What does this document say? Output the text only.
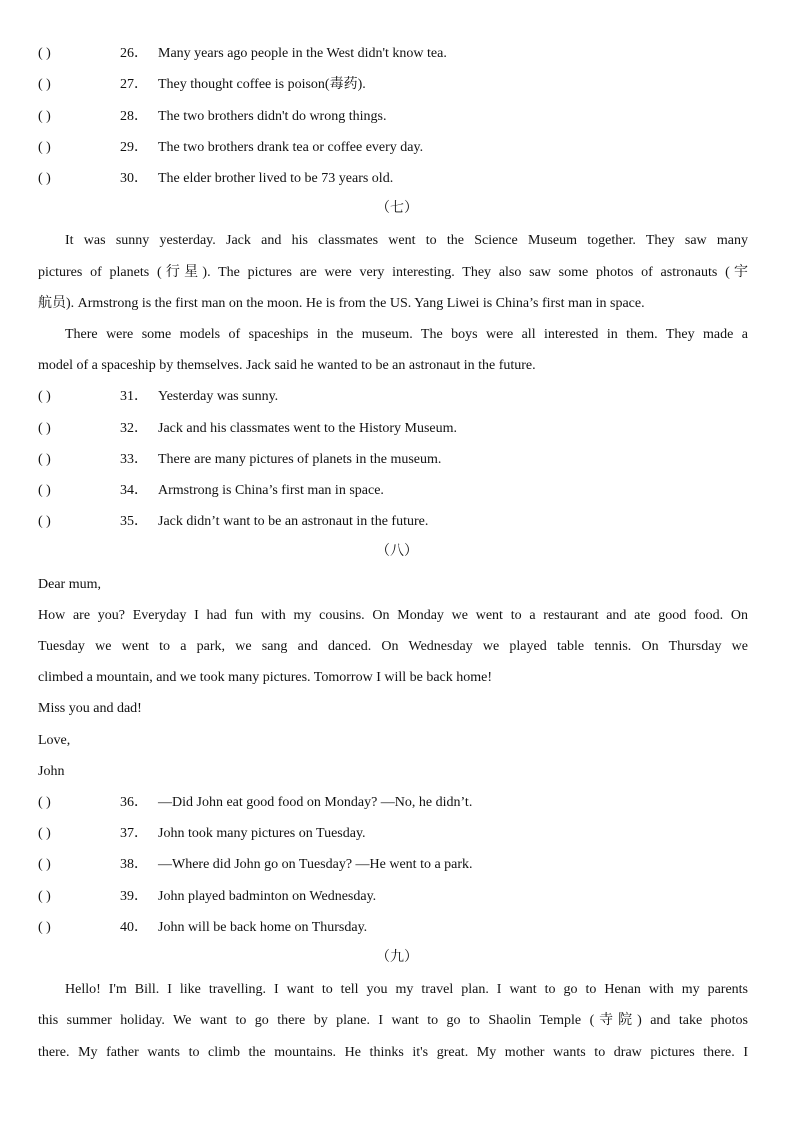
( )	26． Many years ago people in the West didn't know tea.
( )	27． They thought coffee is poison(毒药).
( )	28． The two brothers didn't do wrong things.
( )	29． The two brothers drank tea or coffee every day.
( )	30． The elder brother lived to be 73 years old.
（七）
It was sunny yesterday. Jack and his classmates went to the Science Museum together. They saw many
pictures of planets (行星). The pictures are were very interesting. They also saw some photos of astronauts (宇
航员). Armstrong is the first man on the moon. He is from the US. Yang Liwei is China’s first man in space.
There were some models of spaceships in the museum. The boys were all interested in them. They made a
model of a spaceship by themselves. Jack said he wanted to be an astronaut in the future.
( )	31． Yesterday was sunny.
( )	32． Jack and his classmates went to the History Museum.
( )	33． There are many pictures of planets in the museum.
( )	34． Armstrong is China’s first man in space.
( )	35． Jack didn’t want to be an astronaut in the future.
（八）
Dear mum,
How are you? Everyday I had fun with my cousins. On Monday we went to a restaurant and ate good food. On
Tuesday we went to a park, we sang and danced. On Wednesday we played table tennis. On Thursday we
climbed a mountain, and we took many pictures. Tomorrow I will be back home!
Miss you and dad!
Love,
John
( )	36． —Did John eat good food on Monday? —No, he didn’t.
( )	37． John took many pictures on Tuesday.
( )	38． —Where did John go on Tuesday? —He went to a park.
( )	39． John played badminton on Wednesday.
( )	40． John will be back home on Thursday.
（九）
Hello! I'm Bill. I like travelling. I want to tell you my travel plan. I want to go to Henan with my parents
this summer holiday. We want to go there by plane. I want to go to Shaolin Temple (寺院) and take photos
there. My father wants to climb the mountains. He thinks it's great. My mother wants to draw pictures there. I
